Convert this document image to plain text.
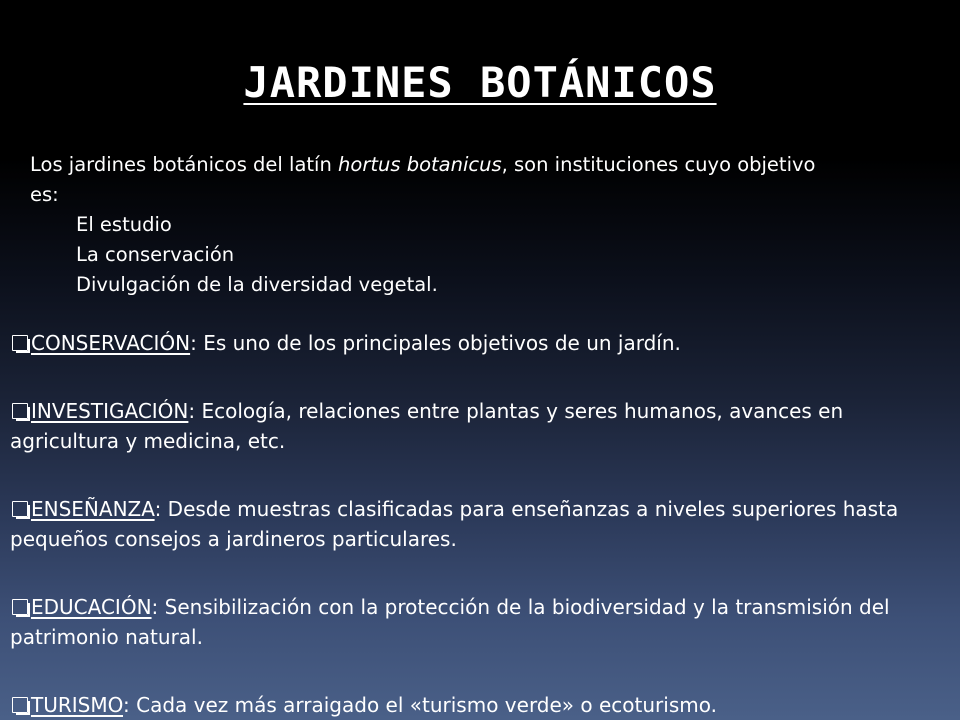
JARDINES BOTÁNICOS

Los jardines botánicos del latín hortus botanicus, son instituciones cuyo objetivo es:

El estudio

La conservación

Divulgación de la diversidad vegetal.

CONSERVACIÓN: Es uno de los principales objetivos de un jardín.

INVESTIGACIÓN: Ecología, relaciones entre plantas y seres humanos, avances en agricultura y medicina, etc.

ENSEÑANZA: Desde muestras clasificadas para enseñanzas a niveles superiores hasta pequeños consejos a jardineros particulares.

EDUCACIÓN: Sensibilización con la protección de la biodiversidad y la transmisión del patrimonio natural.

TURISMO: Cada vez más arraigado el «turismo verde» o ecoturismo.
